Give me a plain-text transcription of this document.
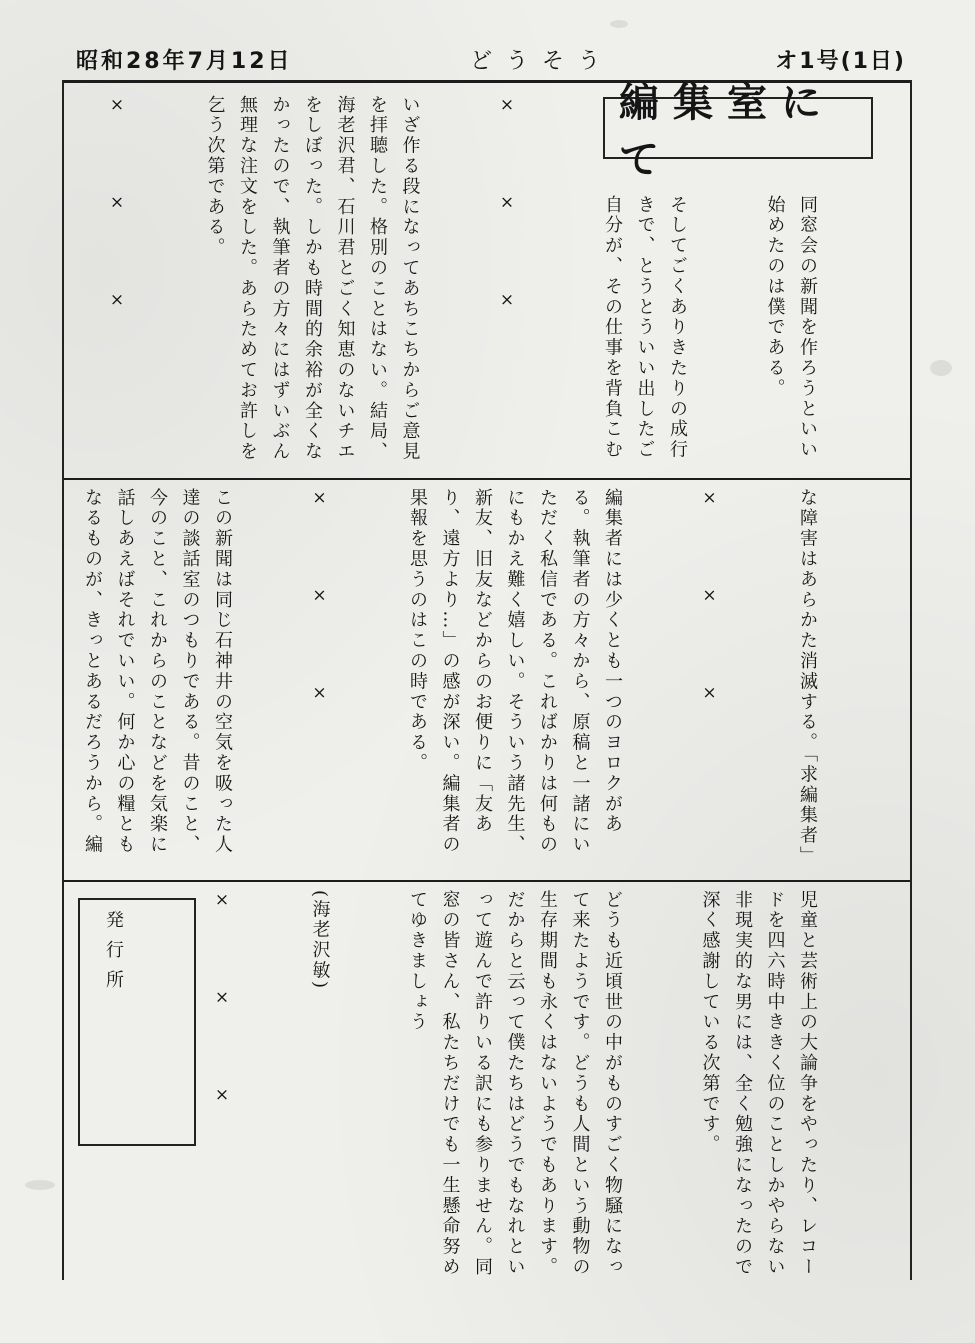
昭和28年7月12日	どうそう	オ1号(1日)
編集室にて

同窓会の新聞を作ろうといい始めたのは僕である。

そしてごくありきたりの成行きで、とうとういい出したご自分が、その仕事を背負こむ

× × ×

いざ作る段になってあちこちからご意見を拝聴した。格別のことはない。結局、海老沢君、石川君とごく知恵のないチエをしぼった。しかも時間的余裕が全くなかったので、執筆者の方々にはずいぶん無理な注文をした。あらためてお許しを乞う次第である。

× × ×

な障害はあらかた消滅する。「求編集者」

× × ×

編集者には少くとも一つのヨロクがある。執筆者の方々から、原稿と一諸にいただく私信である。こればかりは何ものにもかえ難く嬉しい。そういう諸先生、新友、旧友などからのお便りに「友あり、遠方より…」の感が深い。編集者の果報を思うのはこの時である。

× × ×

この新聞は同じ石神井の空気を吸った人達の談話室のつもりである。昔のこと、今のこと、これからのことなどを気楽に話しあえばそれでいい。何か心の糧ともなるものが、きっとあるだろうから。編

児童と芸術上の大論争をやったり、レコードを四六時中ききく位のことしかやらない非現実的な男には、全く勉強になったので深く感謝している次第です。

どうも近頃世の中がものすごく物騒になって来たようです。どうも人間という動物の生存期間も永くはないようでもあります。だからと云って僕たちはどうでもなれといって遊んで許りいる訳にも参りません。同窓の皆さん、私たちだけでも一生懸命努めてゆきましょう

(海老沢敏)

× × ×

発行所
